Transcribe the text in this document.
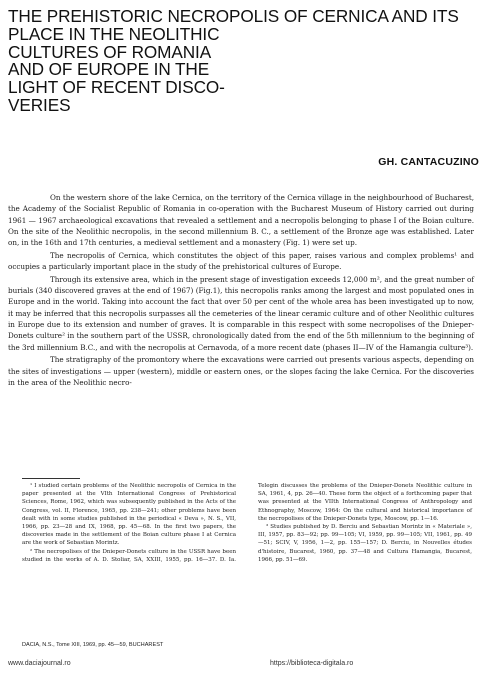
THE PREHISTORIC NECROPOLIS OF CERNICA AND ITS
PLACE IN THE NEOLITHIC
CULTURES OF ROMANIA
AND OF EUROPE IN THE
LIGHT OF RECENT DISCO-
VERIES
GH. CANTACUZINO

On the western shore of the lake Cernica, on the territory of the Cernica village in the neighbourhood of Bucharest, the Academy of the Socialist Republic of Romania in co-operation with the Bucharest Museum of History carried out during 1961 — 1967 archaeological excavations that revealed a settlement and a necropolis belonging to phase I of the Boian culture. On the site of the Neolithic necropolis, in the second millennium B. C., a settlement of the Bronze age was established. Later on, in the 16th and 17th centuries, a medieval settlement and a monastery (Fig. 1) were set up.

The necropolis of Cernica, which constitutes the object of this paper, raises various and complex problems¹ and occupies a particularly important place in the study of the prehistorical cultures of Europe.

Through its extensive area, which in the present stage of investigation exceeds 12,000 m², and the great number of burials (340 discovered graves at the end of 1967) (Fig.1), this necropolis ranks among the largest and most populated ones in Europe and in the world. Taking into account the fact that over 50 per cent of the whole area has been investigated up to now, it may be inferred that this necropolis surpasses all the cemeteries of the linear ceramic culture and of other Neolithic cultures in Europe due to its extension and number of graves. It is comparable in this respect with some necropolises of the Dnieper-Donets culture² in the southern part of the USSR, chronologically dated from the end of the 5th millennium to the beginning of the 3rd millennium B.C., and with the necropolis at Cernavoda, of a more recent date (phases II—IV of the Hamangia culture³).

The stratigraphy of the promontory where the excavations were carried out presents various aspects, depending on the sites of investigations — upper (western), middle or eastern ones, or the slopes facing the lake Cernica. For the discoveries in the area of the Neolithic necro-

¹ I studied certain problems of the Neolithic necropolis of Cernica in the paper presented at the VIth International Congress of Prehistorical Sciences, Rome, 1962, which was subsequently published in the Acts of the Congress, vol. II, Florence, 1965, pp. 238—241; other problems have been dealt with in some studies published in the periodical « Deva », N. S., VII, 1966, pp. 23—28 and IX, 1968, pp. 45—68. In the first two papers, the discoveries made in the settlement of the Boian culture phase I at Cernica are the work of Sebastian Morintz.

² The necropolises of the Dnieper-Donets culture in the USSR have been studied in the works of A. D. Stoliar, SA, XXIII, 1955, pp. 16—37. D. Ia. Telegin discusses the problems of the Dnieper-Donets Neolithic culture in SA, 1961, 4, pp. 26—40. These form the object of a forthcoming paper that was presented at the VIIth International Congress of Anthropology and Ethnography, Moscow, 1964: On the cultural and historical importance of the necropolises of the Dnieper-Donets type, Moscow, pp. 1—16.

³ Studies published by D. Berciu and Sebastian Morintz in « Materiale », III, 1957, pp. 83—92; pp. 99—105; VI, 1959, pp. 99—105; VII, 1961, pp. 49—51; SCIV, V, 1956, 1—2, pp. 155—157; D. Berciu, in Nouvelles études d'histoire, Bucarest, 1960, pp. 37—48 and Cultura Hamangia, Bucarest, 1966, pp. 51—69.

DACIA, N.S., Tome XIII, 1969, pp. 45—59, BUCHAREST
www.daciajournal.ro	https://biblioteca-digitala.ro
